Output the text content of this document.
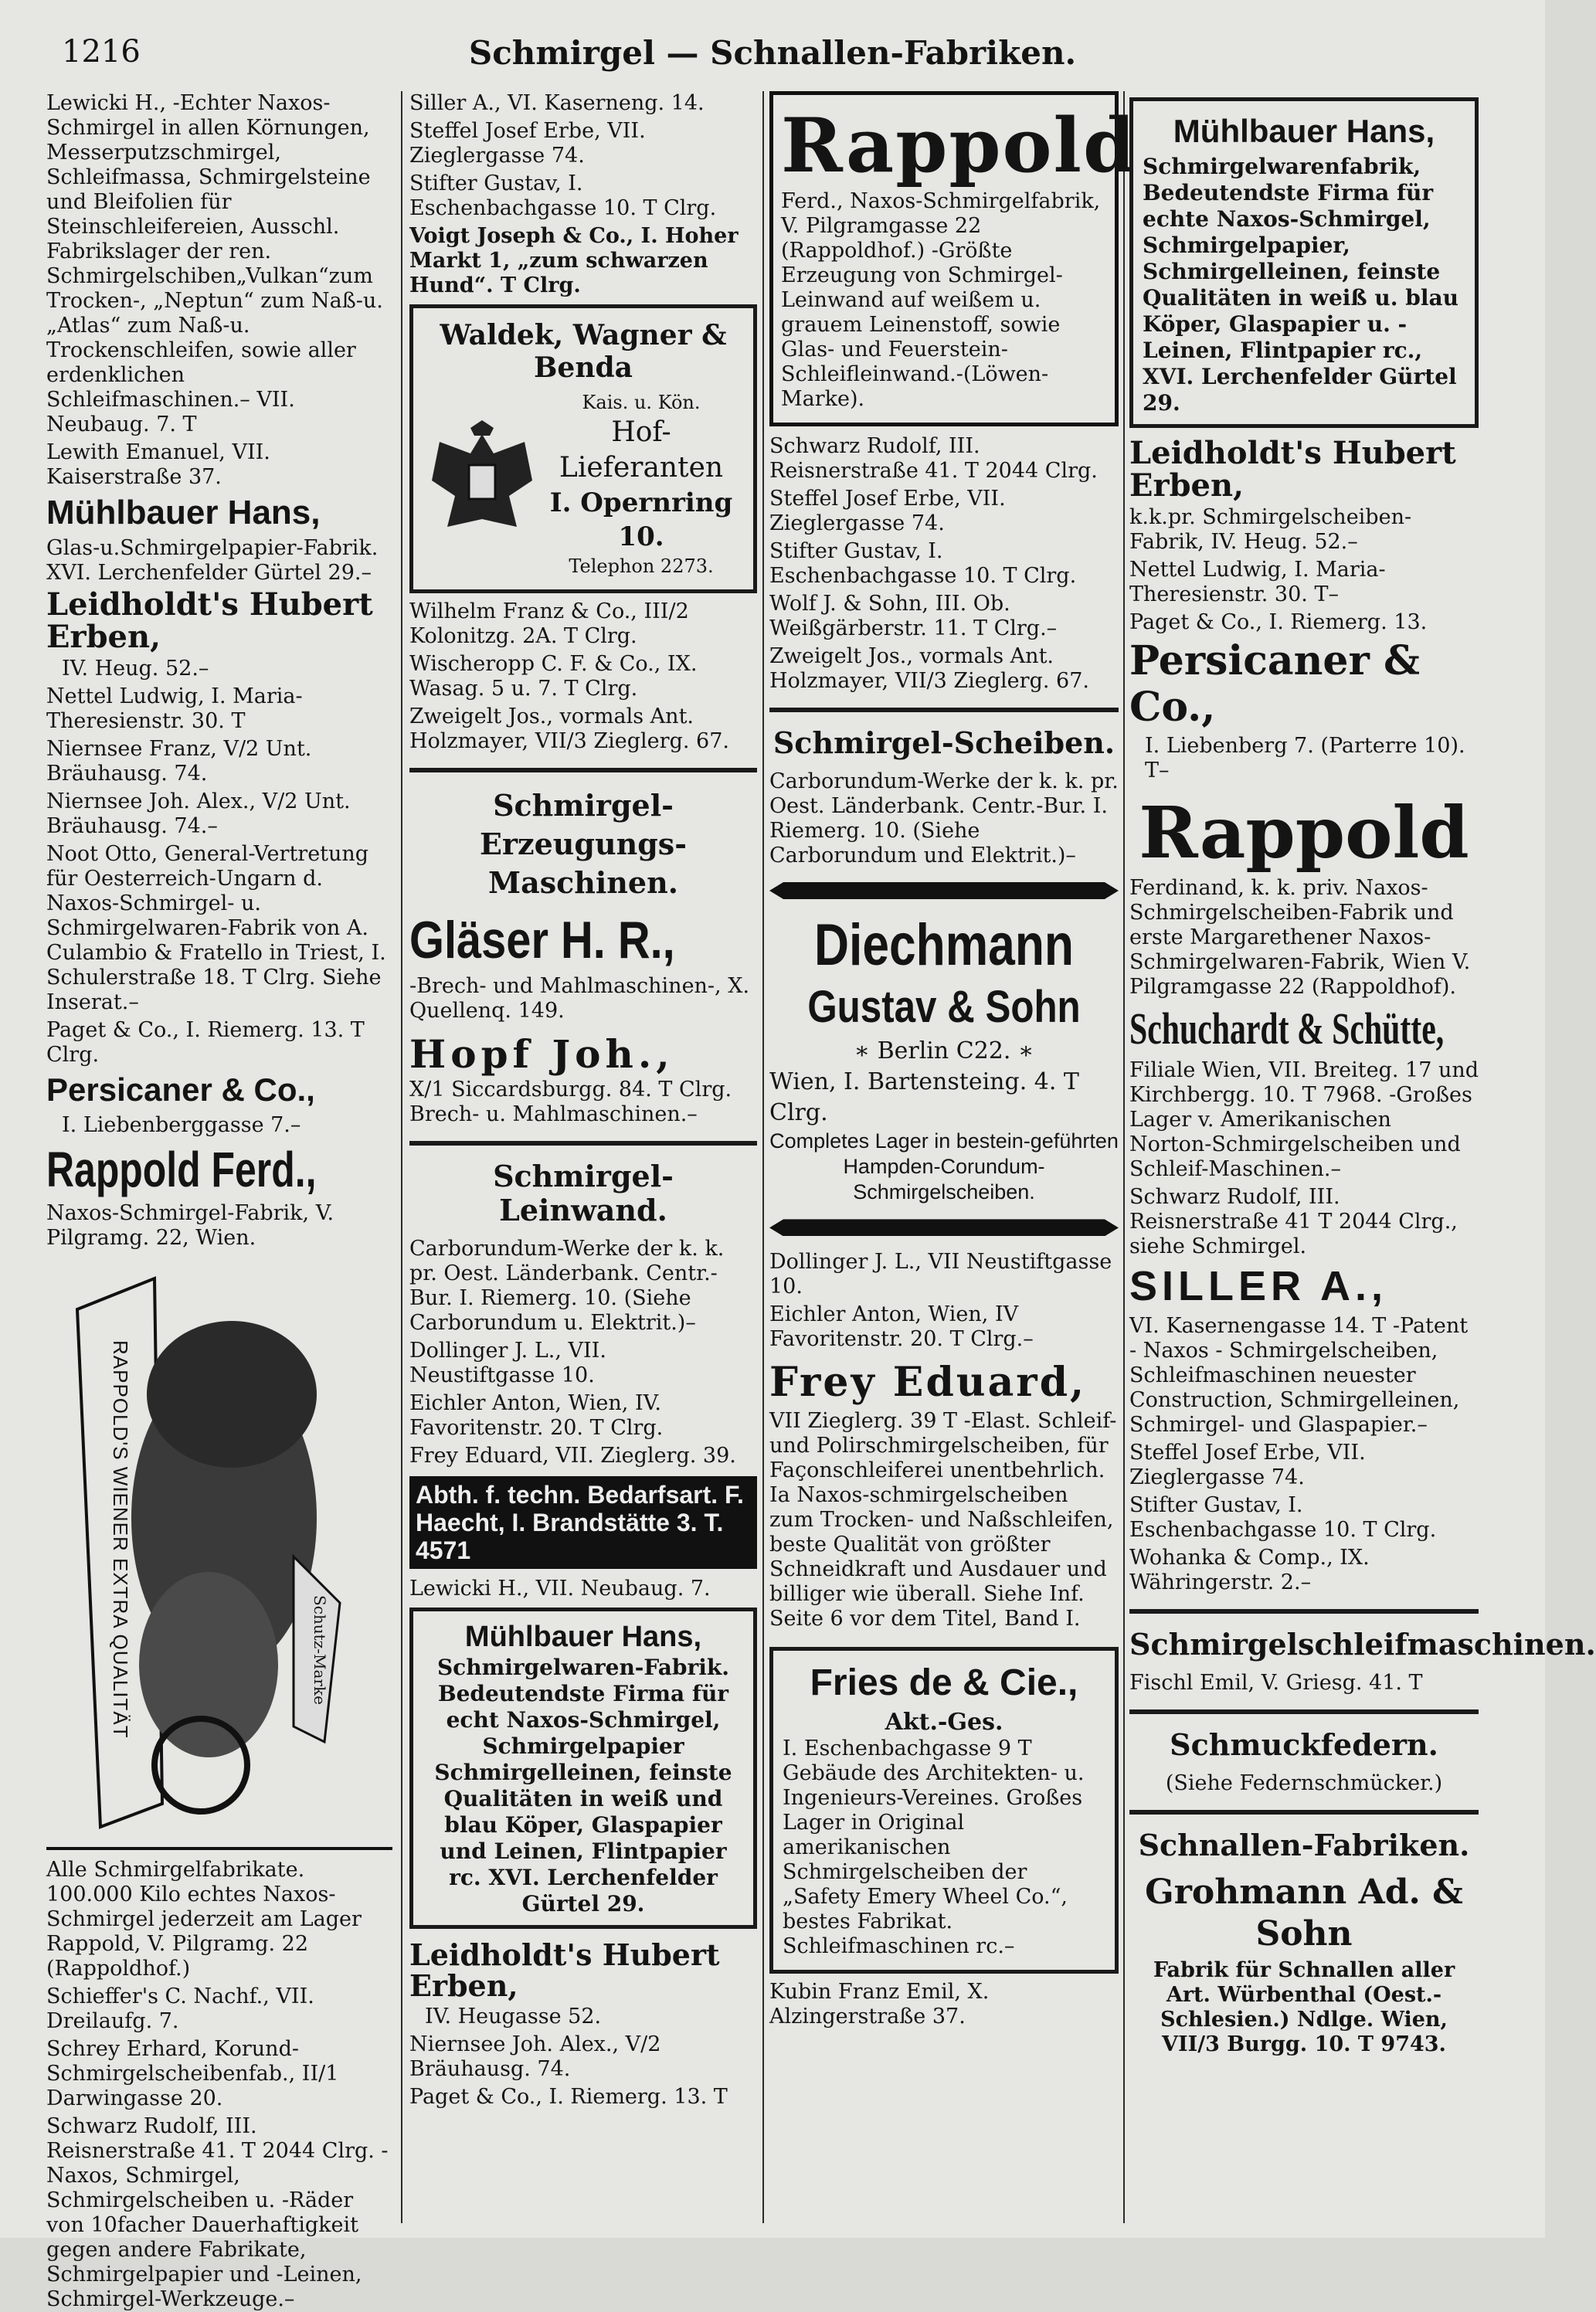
1216	Schmirgel — Schnallen-Fabriken.

Lewicki H., -Echter Naxos-Schmirgel in allen Körnungen, Messerputzschmirgel, Schleifmassa, Schmirgelsteine und Bleifolien für Steinschleifereien, Ausschl. Fabrikslager der ren. Schmirgelschiben„Vulkan“zum Trocken-, „Neptun“ zum Naß-u. „Atlas“ zum Naß-u. Trockenschleifen, sowie aller erdenklichen Schleifmaschinen.– VII. Neubaug. 7. T

Lewith Emanuel, VII. Kaiserstraße 37.

Mühlbauer Hans,

Glas-u.Schmirgelpapier-Fabrik. XVI. Lerchenfelder Gürtel 29.–

Leidholdt's Hubert Erben,

IV. Heug. 52.–

Nettel Ludwig, I. Maria-Theresienstr. 30. T

Niernsee Franz, V/2 Unt. Bräuhausg. 74.

Niernsee Joh. Alex., V/2 Unt. Bräuhausg. 74.–

Noot Otto, General-Vertretung für Oesterreich-Ungarn d. Naxos-Schmirgel- u. Schmirgelwaren-Fabrik von A. Culambio & Fratello in Triest, I. Schulerstraße 18. T Clrg. Siehe Inserat.–

Paget & Co., I. Riemerg. 13. T Clrg.

Persicaner & Co.,

I. Liebenberggasse 7.–

Rappold Ferd.,

Naxos-Schmirgel-Fabrik, V. Pilgramg. 22, Wien.

RAPPOLD'S WIENER EXTRA QUALITÄT	Schutz-Marke

Alle Schmirgelfabrikate. 100.000 Kilo echtes Naxos-Schmirgel jederzeit am Lager Rappold, V. Pilgramg. 22 (Rappoldhof.)

Schieffer's C. Nachf., VII. Dreilaufg. 7.

Schrey Erhard, Korund-Schmirgelscheibenfab., II/1 Darwingasse 20.

Schwarz Rudolf, III. Reisnerstraße 41. T 2044 Clrg. -Naxos, Schmirgel, Schmirgelscheiben u. -Räder von 10facher Dauerhaftigkeit gegen andere Fabrikate, Schmirgelpapier und -Leinen, Schmirgel-Werkzeuge.–

Siller A., VI. Kaserneng. 14.

Steffel Josef Erbe, VII. Zieglergasse 74.

Stifter Gustav, I. Eschenbachgasse 10. T Clrg.

Voigt Joseph & Co., I. Hoher Markt 1, „zum schwarzen Hund“. T Clrg.

Waldek, Wagner & Benda
Kais. u. Kön.
Hof-Lieferanten
I. Opernring 10.
Telephon 2273.

Wilhelm Franz & Co., III/2 Kolonitzg. 2A. T Clrg.

Wischeropp C. F. & Co., IX. Wasag. 5 u. 7. T Clrg.

Zweigelt Jos., vormals Ant. Holzmayer, VII/3 Zieglerg. 67.

Schmirgel-Erzeugungs-Maschinen.
Gläser H. R.,

-Brech- und Mahlmaschinen-, X. Quellenq. 149.

Hopf Joh.,

X/1 Siccardsburgg. 84. T Clrg. Brech- u. Mahlmaschinen.–

Schmirgel-Leinwand.

Carborundum-Werke der k. k. pr. Oest. Länderbank. Centr.-Bur. I. Riemerg. 10. (Siehe Carborundum u. Elektrit.)–

Dollinger J. L., VII. Neustiftgasse 10.

Eichler Anton, Wien, IV. Favoritenstr. 20. T Clrg.

Frey Eduard, VII. Zieglerg. 39.

Abth. f. techn. Bedarfsart. F. Haecht, I. Brandstätte 3. T. 4571

Lewicki H., VII. Neubaug. 7.

Mühlbauer Hans,
Schmirgelwaren-Fabrik. Bedeutendste Firma für echt Naxos-Schmirgel, Schmirgelpapier Schmirgelleinen, feinste Qualitäten in weiß und blau Köper, Glaspapier und Leinen, Flintpapier rc. XVI. Lerchenfelder Gürtel 29.
Leidholdt's Hubert Erben,

IV. Heugasse 52.

Niernsee Joh. Alex., V/2 Bräuhausg. 74.

Paget & Co., I. Riemerg. 13. T

Rappold

Ferd., Naxos-Schmirgelfabrik, V. Pilgramgasse 22 (Rappoldhof.) -Größte Erzeugung von Schmirgel-Leinwand auf weißem u. grauem Leinenstoff, sowie Glas- und Feuerstein-Schleifleinwand.-(Löwen-Marke).

Schwarz Rudolf, III. Reisnerstraße 41. T 2044 Clrg.

Steffel Josef Erbe, VII. Zieglergasse 74.

Stifter Gustav, I. Eschenbachgasse 10. T Clrg.

Wolf J. & Sohn, III. Ob. Weißgärberstr. 11. T Clrg.–

Zweigelt Jos., vormals Ant. Holzmayer, VII/3 Zieglerg. 67.

Schmirgel-Scheiben.

Carborundum-Werke der k. k. pr. Oest. Länderbank. Centr.-Bur. I. Riemerg. 10. (Siehe Carborundum und Elektrit.)–

Diechmann
Gustav & Sohn
∗ Berlin C22. ∗
Wien, I. Bartensteing. 4. T Clrg.
Completes Lager in bestein-geführten Hampden-Corundum-Schmirgelscheiben.

Dollinger J. L., VII Neustiftgasse 10.

Eichler Anton, Wien, IV Favoritenstr. 20. T Clrg.–

Frey Eduard,

VII Zieglerg. 39 T -Elast. Schleif- und Polirschmirgelscheiben, für Façonschleiferei unentbehrlich. Ia Naxos-schmirgelscheiben zum Trocken- und Naßschleifen, beste Qualität von größter Schneidkraft und Ausdauer und billiger wie überall. Siehe Inf. Seite 6 vor dem Titel, Band I.

Fries de & Cie.,
Akt.-Ges.

I. Eschenbachgasse 9 T Gebäude des Architekten- u. Ingenieurs-Vereines. Großes Lager in Original amerikanischen Schmirgelscheiben der „Safety Emery Wheel Co.“, bestes Fabrikat. Schleifmaschinen rc.–

Kubin Franz Emil, X. Alzingerstraße 37.

Mühlbauer Hans,
Schmirgelwarenfabrik, Bedeutendste Firma für echte Naxos-Schmirgel, Schmirgelpapier, Schmirgelleinen, feinste Qualitäten in weiß u. blau Köper, Glaspapier u. -Leinen, Flintpapier rc., XVI. Lerchenfelder Gürtel 29.
Leidholdt's Hubert Erben,

k.k.pr. Schmirgelscheiben-Fabrik, IV. Heug. 52.–

Nettel Ludwig, I. Maria-Theresienstr. 30. T–

Paget & Co., I. Riemerg. 13.

Persicaner & Co.,

I. Liebenberg 7. (Parterre 10). T–

Rappold

Ferdinand, k. k. priv. Naxos-Schmirgelscheiben-Fabrik und erste Margarethener Naxos-Schmirgelwaren-Fabrik, Wien V. Pilgramgasse 22 (Rappoldhof).

Schuchardt & Schütte,

Filiale Wien, VII. Breiteg. 17 und Kirchbergg. 10. T 7968. -Großes Lager v. Amerikanischen Norton-Schmirgelscheiben und Schleif-Maschinen.–

Schwarz Rudolf, III. Reisnerstraße 41 T 2044 Clrg., siehe Schmirgel.

SILLER A.,

VI. Kasernengasse 14. T -Patent - Naxos - Schmirgelscheiben, Schleifmaschinen neuester Construction, Schmirgelleinen, Schmirgel- und Glaspapier.–

Steffel Josef Erbe, VII. Zieglergasse 74.

Stifter Gustav, I. Eschenbachgasse 10. T Clrg.

Wohanka & Comp., IX. Währingerstr. 2.–

Schmirgelschleifmaschinen.

Fischl Emil, V. Griesg. 41. T

Schmuckfedern.

(Siehe Federnschmücker.)

Schnallen-Fabriken.
Grohmann Ad. & Sohn

Fabrik für Schnallen aller Art. Würbenthal (Oest.-Schlesien.) Ndlge. Wien, VII/3 Burgg. 10. T 9743.
